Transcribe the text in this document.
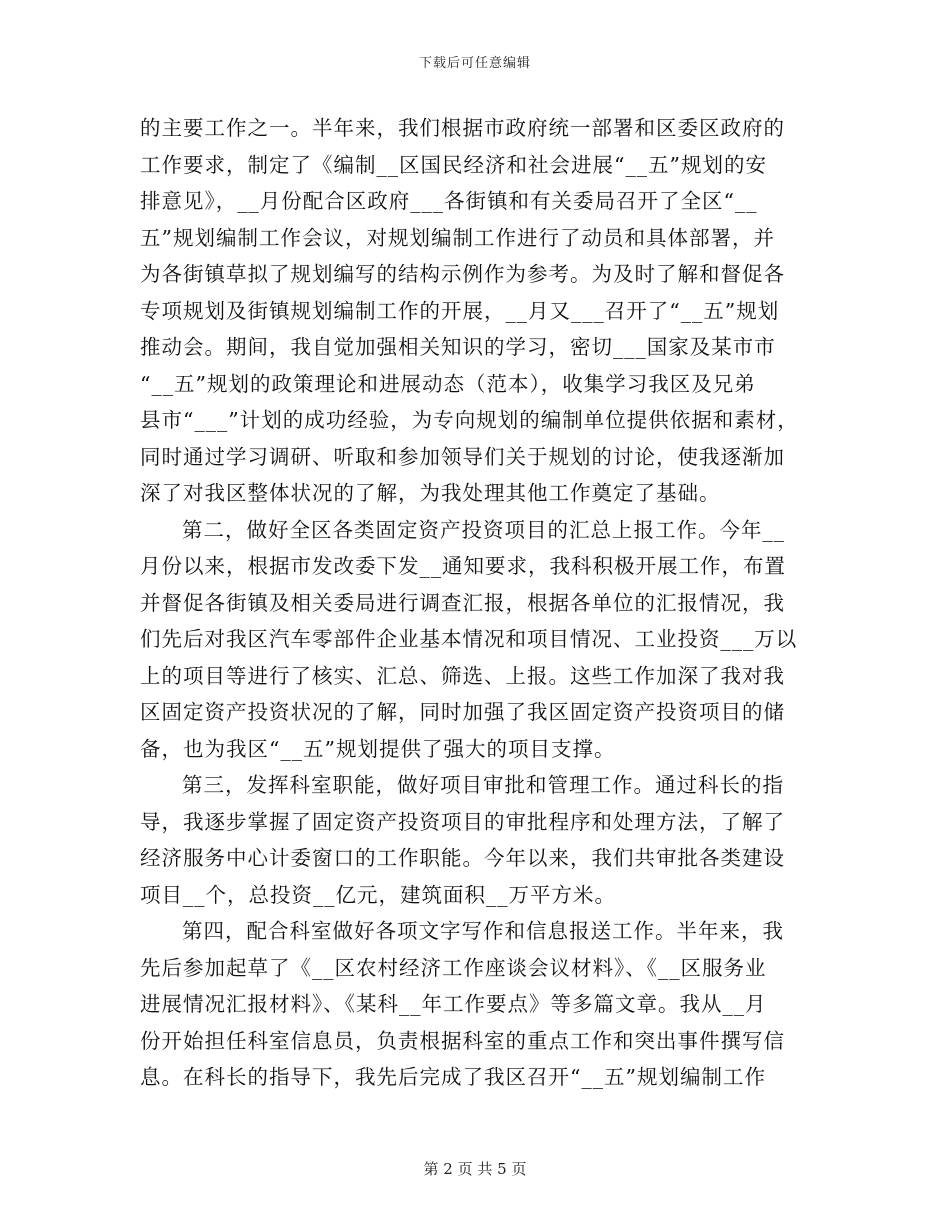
下载后可任意编辑
的主要工作之一。半年来，我们根据市政府统一部署和区委区政府的
工作要求，制定了《编制__区国民经济和社会进展“__五”规划的安
排意见》，__月份配合区政府___各街镇和有关委局召开了全区“__
五”规划编制工作会议，对规划编制工作进行了动员和具体部署，并
为各街镇草拟了规划编写的结构示例作为参考。为及时了解和督促各
专项规划及街镇规划编制工作的开展，__月又___召开了“__五”规划
推动会。期间，我自觉加强相关知识的学习，密切___国家及某市市
“__五”规划的政策理论和进展动态（范本），收集学习我区及兄弟
县市“___”计划的成功经验，为专向规划的编制单位提供依据和素材，
同时通过学习调研、听取和参加领导们关于规划的讨论，使我逐渐加
深了对我区整体状况的了解，为我处理其他工作奠定了基础。
第二，做好全区各类固定资产投资项目的汇总上报工作。今年__
月份以来，根据市发改委下发__通知要求，我科积极开展工作，布置
并督促各街镇及相关委局进行调查汇报，根据各单位的汇报情况，我
们先后对我区汽车零部件企业基本情况和项目情况、工业投资___万以
上的项目等进行了核实、汇总、筛选、上报。这些工作加深了我对我
区固定资产投资状况的了解，同时加强了我区固定资产投资项目的储
备，也为我区“__五”规划提供了强大的项目支撑。
第三，发挥科室职能，做好项目审批和管理工作。通过科长的指
导，我逐步掌握了固定资产投资项目的审批程序和处理方法，了解了
经济服务中心计委窗口的工作职能。今年以来，我们共审批各类建设
项目__个，总投资__亿元，建筑面积__万平方米。
第四，配合科室做好各项文字写作和信息报送工作。半年来，我
先后参加起草了《__区农村经济工作座谈会议材料》、《__区服务业
进展情况汇报材料》、《某科__年工作要点》等多篇文章。我从__月
份开始担任科室信息员，负责根据科室的重点工作和突出事件撰写信
息。在科长的指导下，我先后完成了我区召开“__五”规划编制工作
第 2 页 共 5 页
